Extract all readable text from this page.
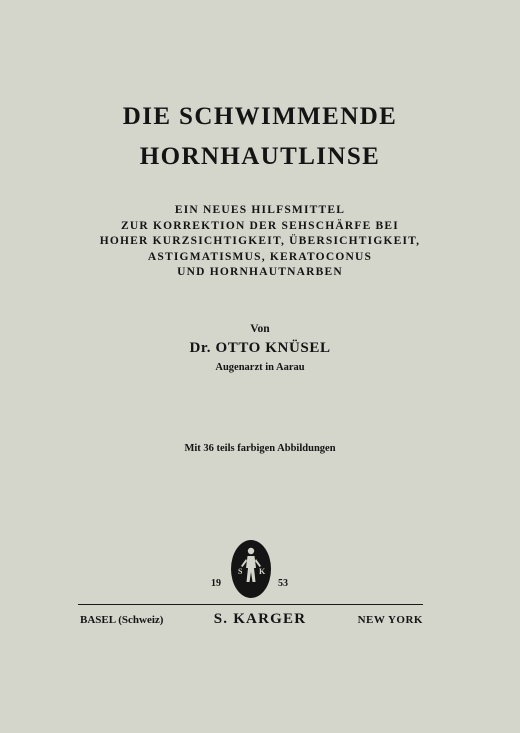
DIE SCHWIMMENDE
HORNHAUTLINSE
EIN NEUES HILFSMITTEL
ZUR KORREKTION DER SEHSCHÄRFE BEI
HOHER KURZSICHTIGKEIT, ÜBERSICHTIGKEIT,
ASTIGMATISMUS, KERATOCONUS
UND HORNHAUTNARBEN
Von
Dr. OTTO KNÜSEL
Augenarzt in Aarau
Mit 36 teils farbigen Abbildungen
S K
19	53
BASEL (Schweiz)	S. KARGER	NEW YORK
